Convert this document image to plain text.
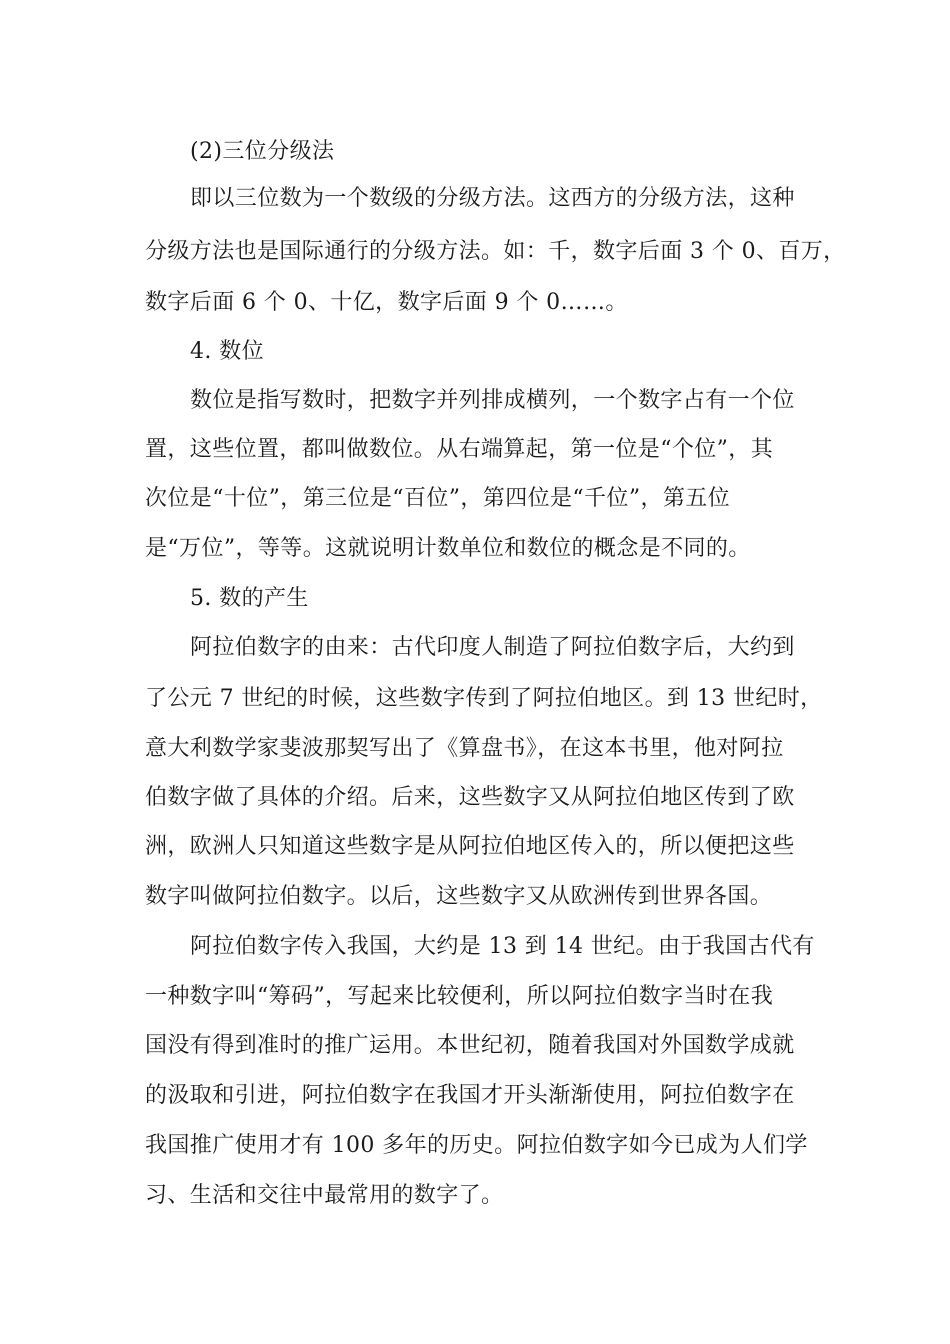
(2)三位分级法
即以三位数为一个数级的分级方法。这西方的分级方法，这种
分级方法也是国际通行的分级方法。如：千，数字后面 3 个 0、百万，
数字后面 6 个 0、十亿，数字后面 9 个 0……。
4. 数位
数位是指写数时，把数字并列排成横列，一个数字占有一个位
置，这些位置，都叫做数位。从右端算起，第一位是“个位”，其
次位是“十位”，第三位是“百位”，第四位是“千位”，第五位
是“万位”，等等。这就说明计数单位和数位的概念是不同的。
5. 数的产生
阿拉伯数字的由来：古代印度人制造了阿拉伯数字后，大约到
了公元 7 世纪的时候，这些数字传到了阿拉伯地区。到 13 世纪时，
意大利数学家斐波那契写出了《算盘书》，在这本书里，他对阿拉
伯数字做了具体的介绍。后来，这些数字又从阿拉伯地区传到了欧
洲，欧洲人只知道这些数字是从阿拉伯地区传入的，所以便把这些
数字叫做阿拉伯数字。以后，这些数字又从欧洲传到世界各国。
阿拉伯数字传入我国，大约是 13 到 14 世纪。由于我国古代有
一种数字叫“筹码”，写起来比较便利，所以阿拉伯数字当时在我
国没有得到准时的推广运用。本世纪初，随着我国对外国数学成就
的汲取和引进，阿拉伯数字在我国才开头渐渐使用，阿拉伯数字在
我国推广使用才有 100 多年的历史。阿拉伯数字如今已成为人们学
习、生活和交往中最常用的数字了。
